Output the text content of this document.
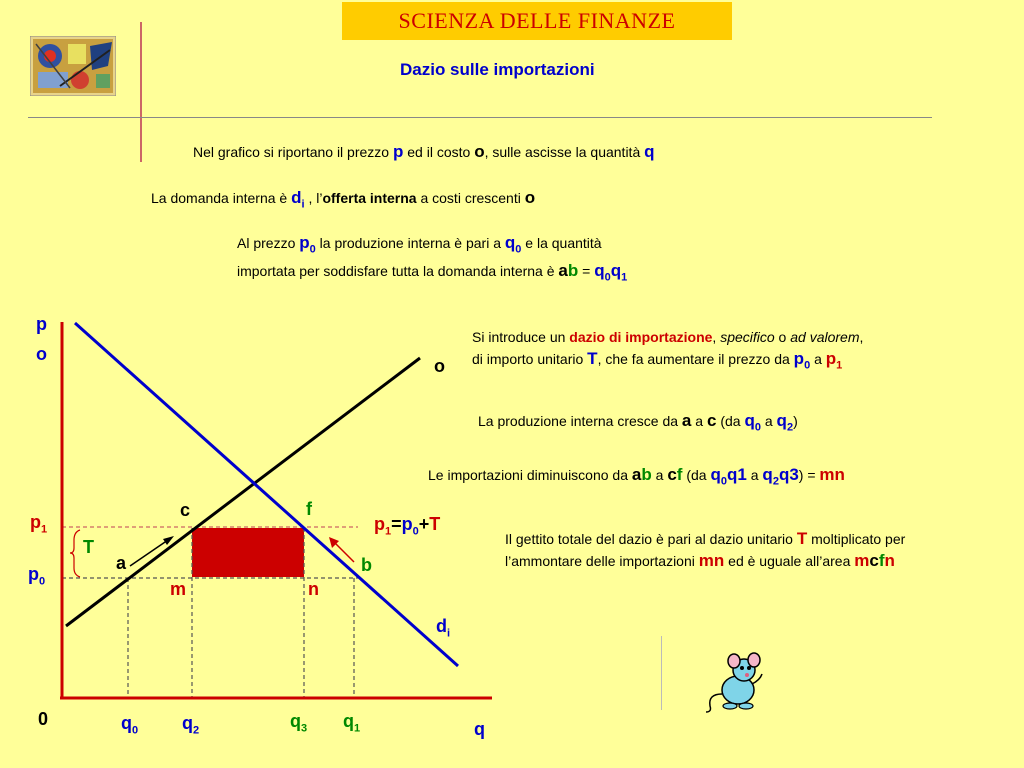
SCIENZA DELLE FINANZE
Dazio sulle importazioni
Nel grafico si riportano il prezzo p ed il costo o, sulle ascisse la quantità q
La domanda interna è $d_i$ , l’offerta interna a costi crescenti o
Al prezzo $p_0$ la produzione interna è pari a $q_0$ e la quantità
importata per soddisfare tutta la domanda interna è ab = $q_0q_1$
Si introduce un dazio di importazione, specifico o ad valorem,
di importo unitario T, che fa aumentare il prezzo da $p_0$ a $p_1$
La produzione interna cresce da a a c (da $q_0$ a $q_2$)
Le importazioni diminuiscono da ab a cf (da $q_0q1$ a $q_2q3$) = mn
Il gettito totale del dazio è pari al dazio unitario T moltiplicato per
l’ammontare delle importazioni mn ed è uguale all’area mcfn
p
o
o
$d_i$
q
0
$p_1$
$p_0$
T
$p_1=p_0+T$
a	b
c	f
m	n
$q_0$ $q_2$	$q_3$ $q_1$
